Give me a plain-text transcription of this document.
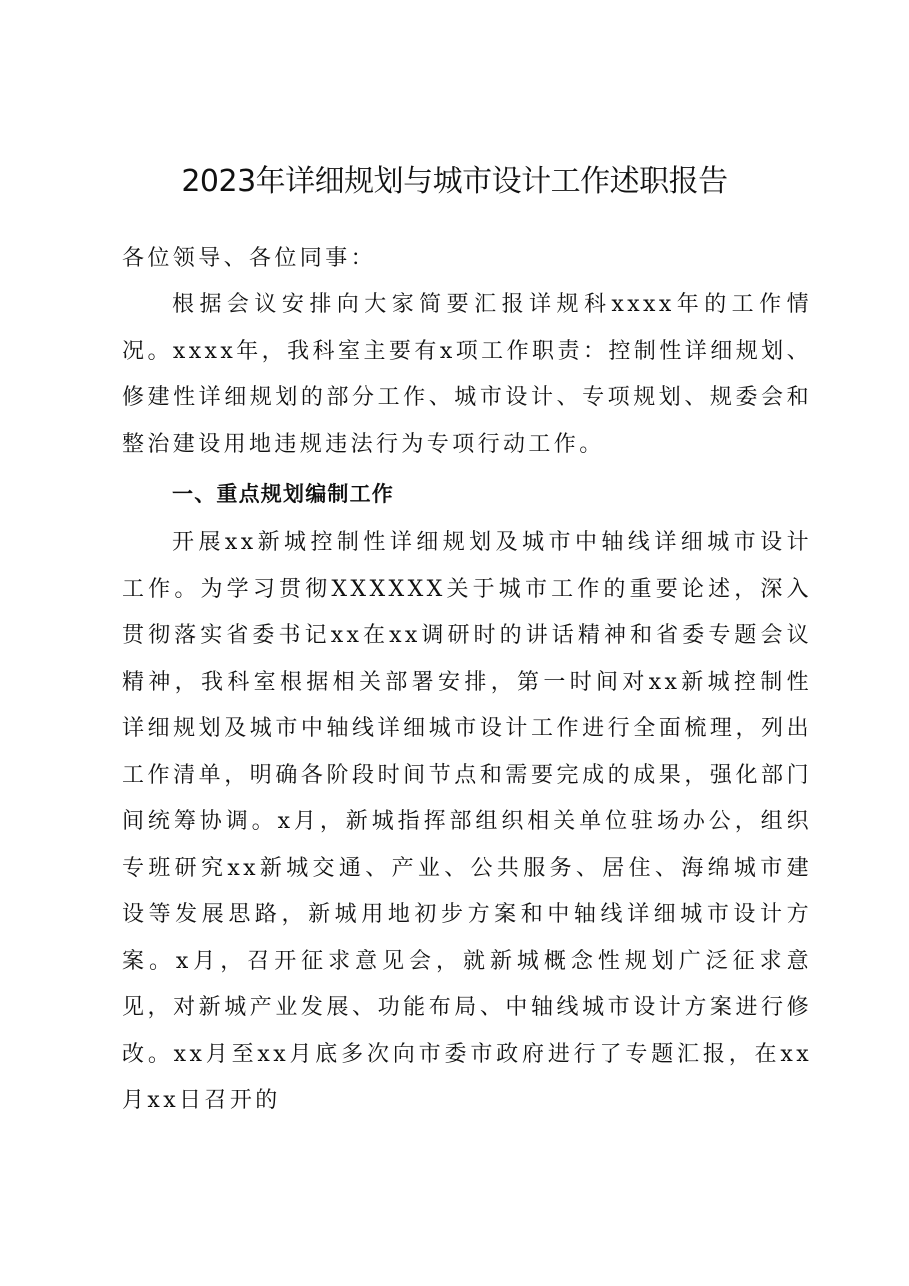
2023年详细规划与城市设计工作述职报告

各位领导、各位同事：

根据会议安排向大家简要汇报详规科xxxx年的工作情况。xxxx年，我科室主要有x项工作职责：控制性详细规划、修建性详细规划的部分工作、城市设计、专项规划、规委会和整治建设用地违规违法行为专项行动工作。

一、重点规划编制工作

开展xx新城控制性详细规划及城市中轴线详细城市设计工作。为学习贯彻XXXXXX关于城市工作的重要论述，深入贯彻落实省委书记xx在xx调研时的讲话精神和省委专题会议精神，我科室根据相关部署安排，第一时间对xx新城控制性详细规划及城市中轴线详细城市设计工作进行全面梳理，列出工作清单，明确各阶段时间节点和需要完成的成果，强化部门间统筹协调。x月，新城指挥部组织相关单位驻场办公，组织专班研究xx新城交通、产业、公共服务、居住、海绵城市建设等发展思路，新城用地初步方案和中轴线详细城市设计方案。x月，召开征求意见会，就新城概念性规划广泛征求意见，对新城产业发展、功能布局、中轴线城市设计方案进行修改。xx月至xx月底多次向市委市政府进行了专题汇报，在xx月xx日召开的
